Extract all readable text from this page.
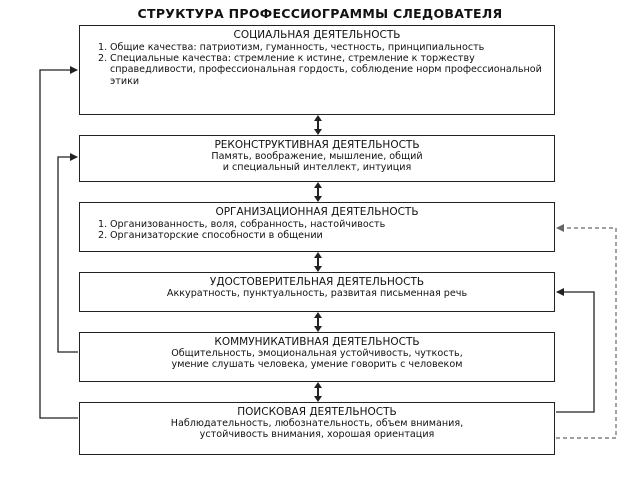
СТРУКТУРА ПРОФЕССИОГРАММЫ СЛЕДОВАТЕЛЯ
СОЦИАЛЬНАЯ ДЕЯТЕЛЬНОСТЬ
1. Общие качества: патриотизм, гуманность, честность, принципиальность
2. Специальные качества: стремление к истине, стремление к торжеству справедливости, профессиональная гордость, соблюдение норм профессиональной этики
РЕКОНСТРУКТИВНАЯ ДЕЯТЕЛЬНОСТЬ
Память, воображение, мышление, общий
и специальный интеллект, интуиция
ОРГАНИЗАЦИОННАЯ ДЕЯТЕЛЬНОСТЬ
1. Организованность, воля, собранность, настойчивость
2. Организаторские способности в общении
УДОСТОВЕРИТЕЛЬНАЯ ДЕЯТЕЛЬНОСТЬ
Аккуратность, пунктуальность, развитая письменная речь
КОММУНИКАТИВНАЯ ДЕЯТЕЛЬНОСТЬ
Общительность, эмоциональная устойчивость, чуткость,
умение слушать человека, умение говорить с человеком
ПОИСКОВАЯ ДЕЯТЕЛЬНОСТЬ
Наблюдательность, любознательность, объем внимания,
устойчивость внимания, хорошая ориентация
